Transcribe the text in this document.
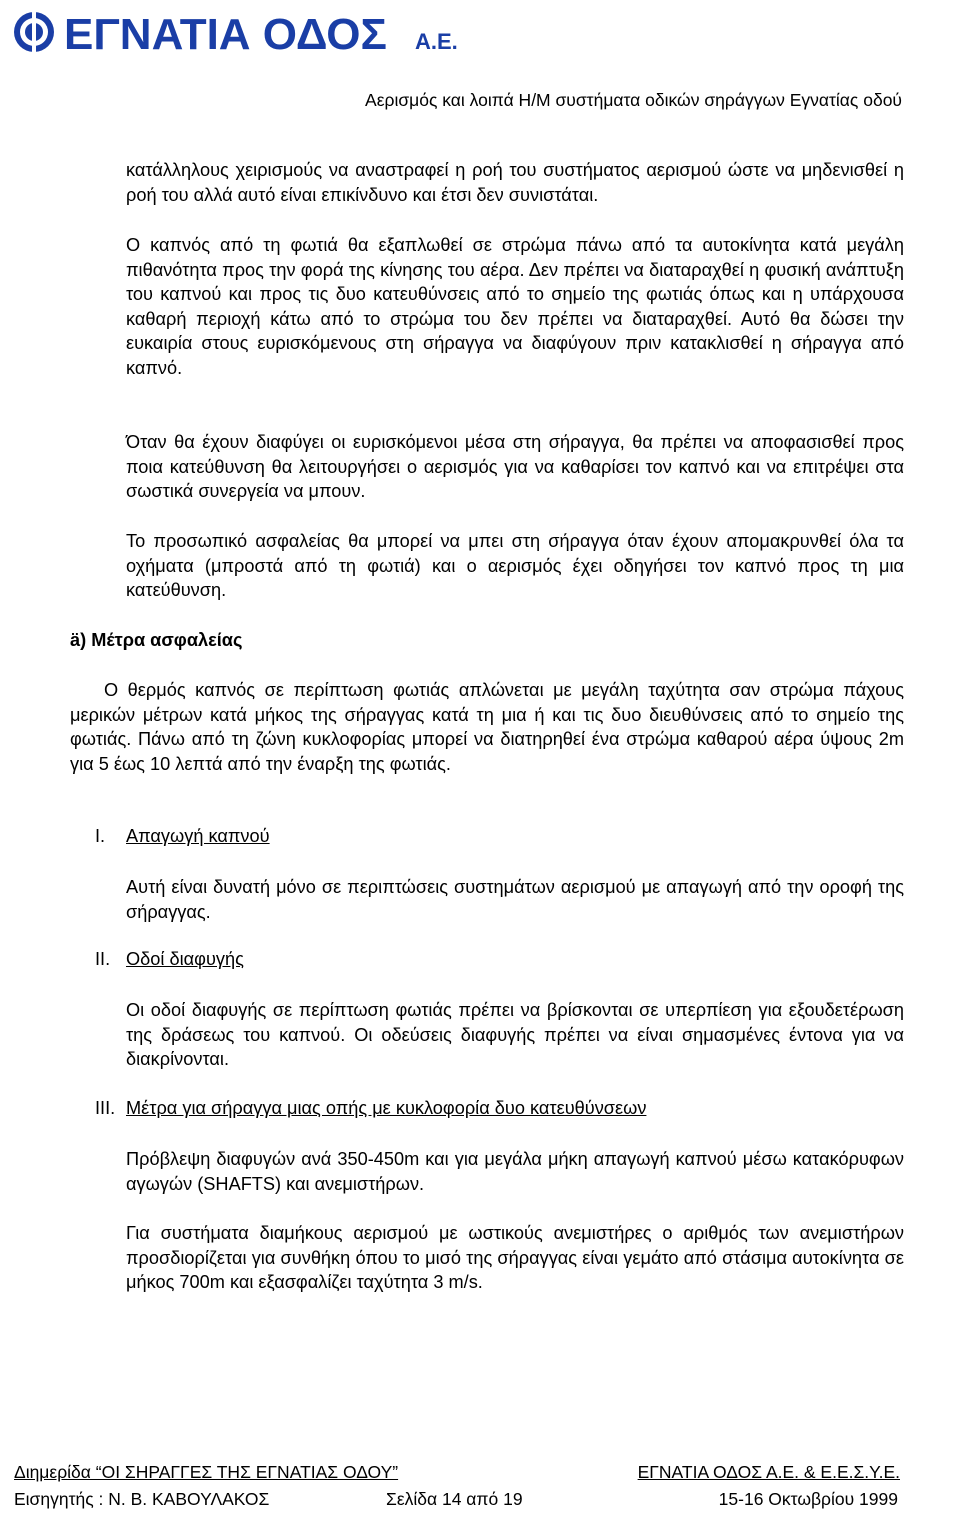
ΕΓΝΑΤΙΑ ΟΔΟΣ Α.Ε.
Αερισμός και λοιπά Η/Μ συστήματα οδικών σηράγγων Εγνατίας οδού
κατάλληλους χειρισμούς να αναστραφεί η ροή του συστήματος αερισμού ώστε να μηδενισθεί η ροή του αλλά αυτό είναι επικίνδυνο και έτσι δεν συνιστάται.
Ο καπνός από τη φωτιά θα εξαπλωθεί σε στρώμα πάνω από τα αυτοκίνητα κατά μεγάλη πιθανότητα προς την φορά της κίνησης του αέρα. Δεν πρέπει να διαταραχθεί η φυσική ανάπτυξη του καπνού και προς τις δυο κατευθύνσεις από το σημείο της φωτιάς όπως και η υπάρχουσα καθαρή περιοχή κάτω από το στρώμα του δεν πρέπει να διαταραχθεί. Αυτό θα δώσει την ευκαιρία στους ευρισκόμενους στη σήραγγα να διαφύγουν πριν κατακλισθεί η σήραγγα από καπνό.
Όταν θα έχουν διαφύγει οι ευρισκόμενοι μέσα στη σήραγγα, θα πρέπει να αποφασισθεί προς ποια κατεύθυνση θα λειτουργήσει ο αερισμός για να καθαρίσει τον καπνό και να επιτρέψει στα σωστικά συνεργεία να μπουν.
Το προσωπικό ασφαλείας θα μπορεί να μπει στη σήραγγα όταν έχουν απομακρυνθεί όλα τα οχήματα (μπροστά από τη φωτιά) και ο αερισμός έχει οδηγήσει τον καπνό προς τη μια κατεύθυνση.
ä) Μέτρα ασφαλείας
Ο θερμός καπνός σε περίπτωση φωτιάς απλώνεται με μεγάλη ταχύτητα σαν στρώμα πάχους μερικών μέτρων κατά μήκος της σήραγγας κατά τη μια ή και τις δυο διευθύνσεις από το σημείο της φωτιάς. Πάνω από τη ζώνη κυκλοφορίας μπορεί να διατηρηθεί ένα στρώμα καθαρού αέρα ύψους 2m για 5 έως 10 λεπτά από την έναρξη της φωτιάς.
I. Απαγωγή καπνού
Αυτή είναι δυνατή μόνο σε περιπτώσεις συστημάτων αερισμού με απαγωγή από την οροφή της σήραγγας.
II. Οδοί διαφυγής
Οι οδοί διαφυγής σε περίπτωση φωτιάς πρέπει να βρίσκονται σε υπερπίεση για εξουδετέρωση της δράσεως του καπνού. Οι οδεύσεις διαφυγής πρέπει να είναι σημασμένες έντονα για να διακρίνονται.
III. Μέτρα για σήραγγα μιας οπής με κυκλοφορία δυο κατευθύνσεων
Πρόβλεψη διαφυγών ανά 350-450m και για μεγάλα μήκη απαγωγή καπνού μέσω κατακόρυφων αγωγών (SHAFTS) και ανεμιστήρων.
Για συστήματα διαμήκους αερισμού με ωστικούς ανεμιστήρες ο αριθμός των ανεμιστήρων προσδιορίζεται για συνθήκη όπου το μισό της σήραγγας είναι γεμάτο από στάσιμα αυτοκίνητα σε μήκος 700m και εξασφαλίζει ταχύτητα 3 m/s.
Διημερίδα “ΟΙ ΣΗΡΑΓΓΕΣ ΤΗΣ ΕΓΝΑΤΙΑΣ ΟΔΟΥ”	ΕΓΝΑΤΙΑ ΟΔΟΣ Α.Ε. & Ε.Ε.Σ.Υ.Ε.
Εισηγητής : Ν. Β. ΚΑΒΟΥΛΑΚΟΣ	Σελίδα 14 από 19	15-16 Οκτωβρίου 1999
